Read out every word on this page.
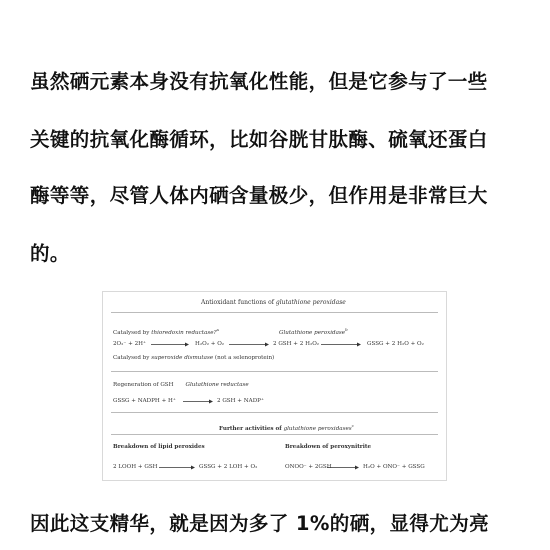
虽然硒元素本身没有抗氧化性能，但是它参与了一些
关键的抗氧化酶循环，比如谷胱甘肽酶、硫氧还蛋白
酶等等，尽管人体内硒含量极少，但作用是非常巨大
的。
Antioxidant functions of glutathione peroxidase
Catalysed by thioredoxin reductase?$^a$
Glutathione peroxidase$^b$
2O₂⁻ + 2H⁺ → H₂O₂ + O₂ → 2 GSH + 2 H₂O₂ → GSSG + 2 H₂O + O₂
Catalysed by superoxide dismutase (not a selenoprotein)
Regeneration of GSH Glutathione reductase
GSSG + NADPH + H⁺ → 2 GSH + NADP⁺
Further activities of glutathione peroxidases$^c$
Breakdown of lipid peroxides	Breakdown of peroxynitrite
2 LOOH + GSH → GSSG + 2 LOH + O₂	ONOO⁻ + 2GSH → H₂O + ONO⁻ + GSSG
因此这支精华，就是因为多了 1%的硒，显得尤为亮
